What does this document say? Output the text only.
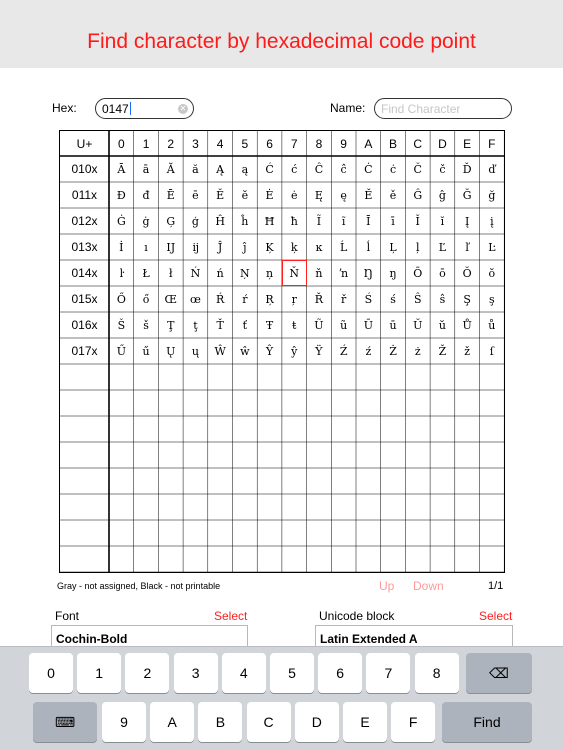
Find character by hexadecimal code point
Hex:	0147	✕	Name:
Find Character
U+	0	1	2	3	4	5	6	7	8	9	A	B	C	D	E	F
010x	Ā	ā	Ă	ă	Ą	ą	Ć	ć	Ĉ	ĉ	Ċ	ċ	Č	č	Ď	ď
011x	Đ	đ	Ē	ē	Ĕ	ĕ	Ė	ė	Ę	ę	Ě	ě	Ĝ	ĝ	Ğ	ğ
012x	Ġ	ġ	Ģ	ģ	Ĥ	ĥ	Ħ	ħ	Ĩ	ĩ	Ī	ī	Ĭ	ĭ	Į	į
013x	İ	ı	Ĳ	ĳ	Ĵ	ĵ	Ķ	ķ	ĸ	Ĺ	ĺ	Ļ	ļ	Ľ	ľ	Ŀ
014x	ŀ	Ł	ł	Ń	ń	Ņ	ņ	Ň	ň	ŉ	Ŋ	ŋ	Ō	ō	Ŏ	ŏ
015x	Ő	ő	Œ	œ	Ŕ	ŕ	Ŗ	ŗ	Ř	ř	Ś	ś	Ŝ	ŝ	Ş	ş
016x	Š	š	Ţ	ţ	Ť	ť	Ŧ	ŧ	Ũ	ũ	Ū	ū	Ŭ	ŭ	Ů	ů
017x	Ű	ű	Ų	ų	Ŵ	ŵ	Ŷ	ŷ	Ÿ	Ź	ź	Ż	ż	Ž	ž	ſ
Gray - not assigned, Black - not printable	Up Down	1/1
Font	Select
Cochin-Bold
Unicode block	Select
Latin Extended A
0	1	2	3	4	5	6	7	8	⌫
⌨	9	A	B	C	D	E	F	Find
